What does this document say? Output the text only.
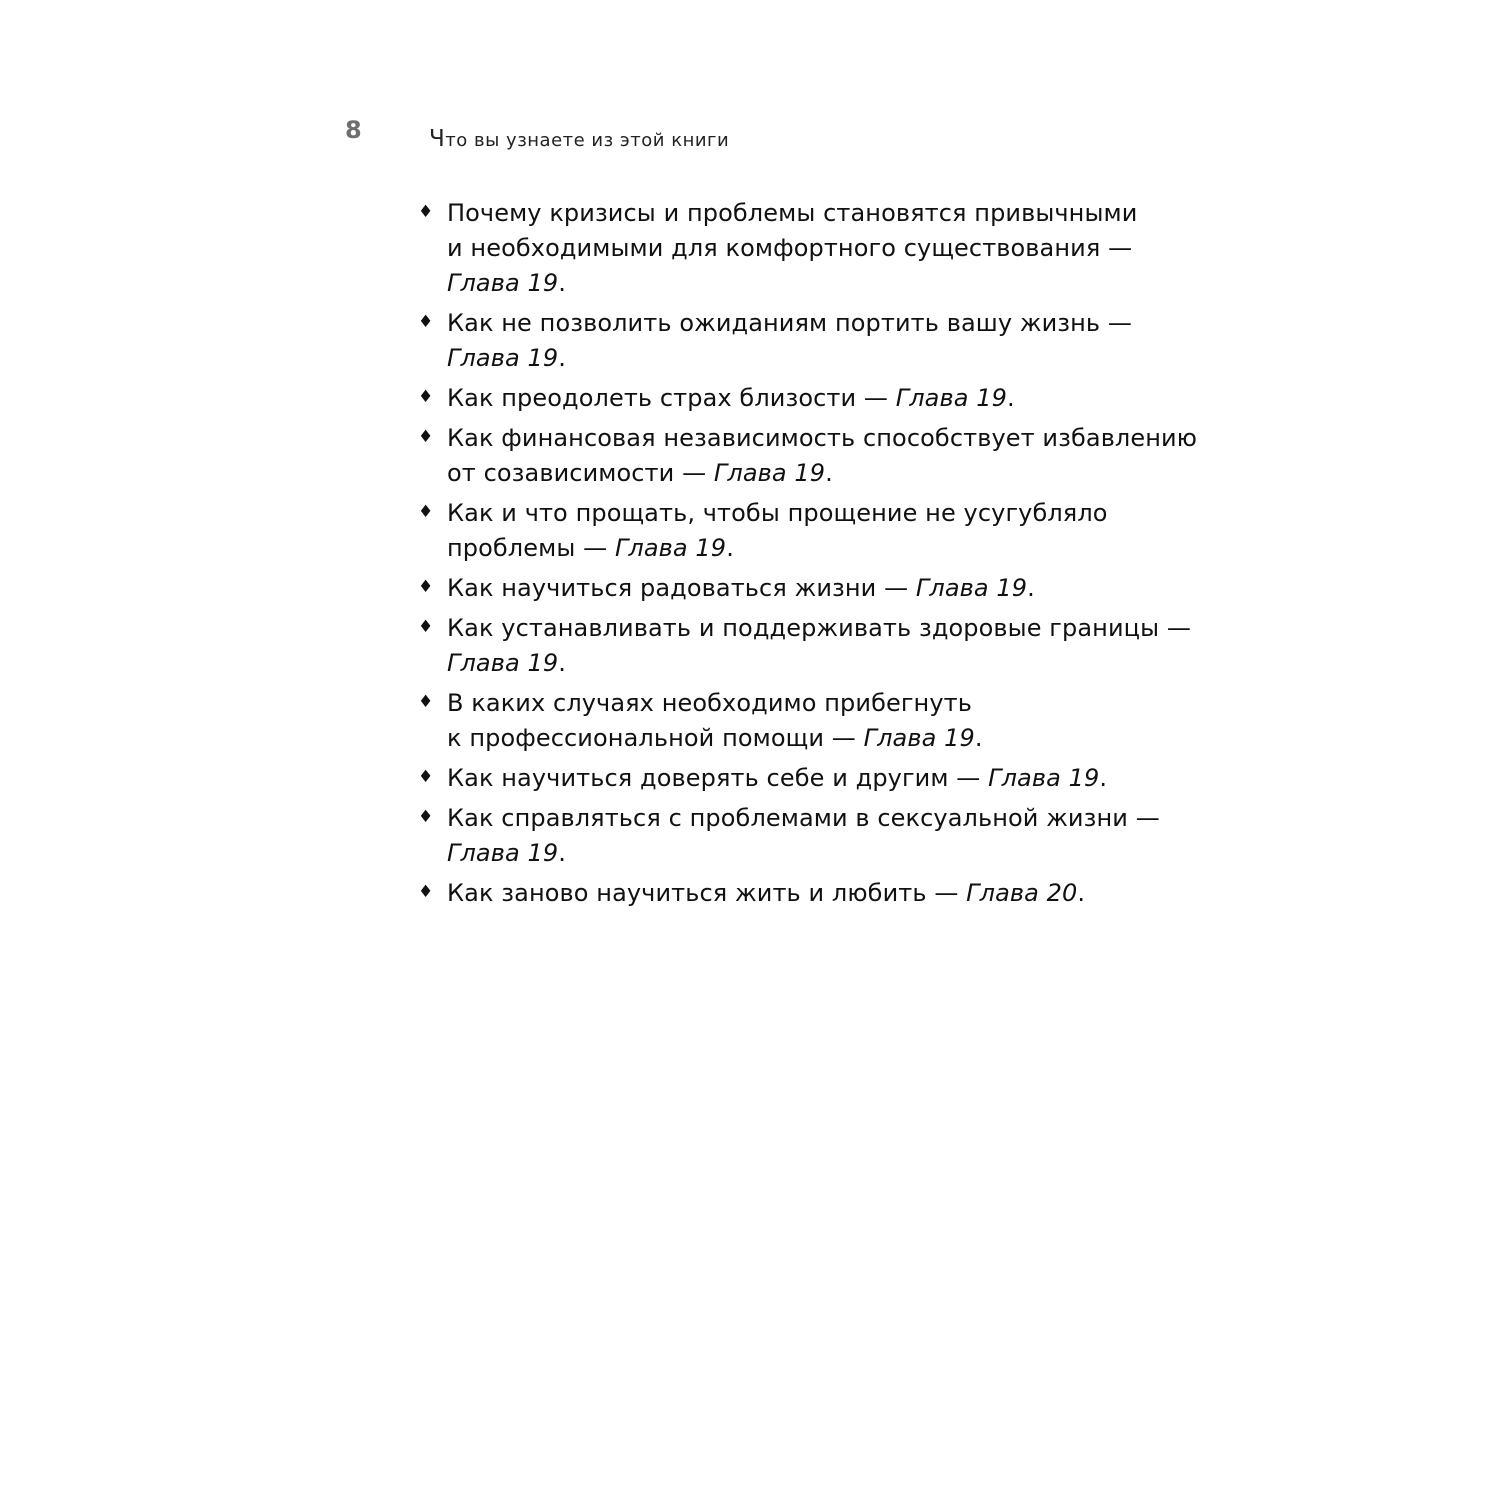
8	Что вы узнаете из этой книги
♦ Почему кризисы и проблемы становятся привычными
и необходимыми для комфортного существования —
Глава 19.
♦ Как не позволить ожиданиям портить вашу жизнь —
Глава 19.
♦ Как преодолеть страх близости — Глава 19.
♦ Как финансовая независимость способствует избавлению
от созависимости — Глава 19.
♦ Как и что прощать, чтобы прощение не усугубляло
проблемы — Глава 19.
♦ Как научиться радоваться жизни — Глава 19.
♦ Как устанавливать и поддерживать здоровые границы —
Глава 19.
♦ В каких случаях необходимо прибегнуть
к профессиональной помощи — Глава 19.
♦ Как научиться доверять себе и другим — Глава 19.
♦ Как справляться с проблемами в сексуальной жизни —
Глава 19.
♦ Как заново научиться жить и любить — Глава 20.
